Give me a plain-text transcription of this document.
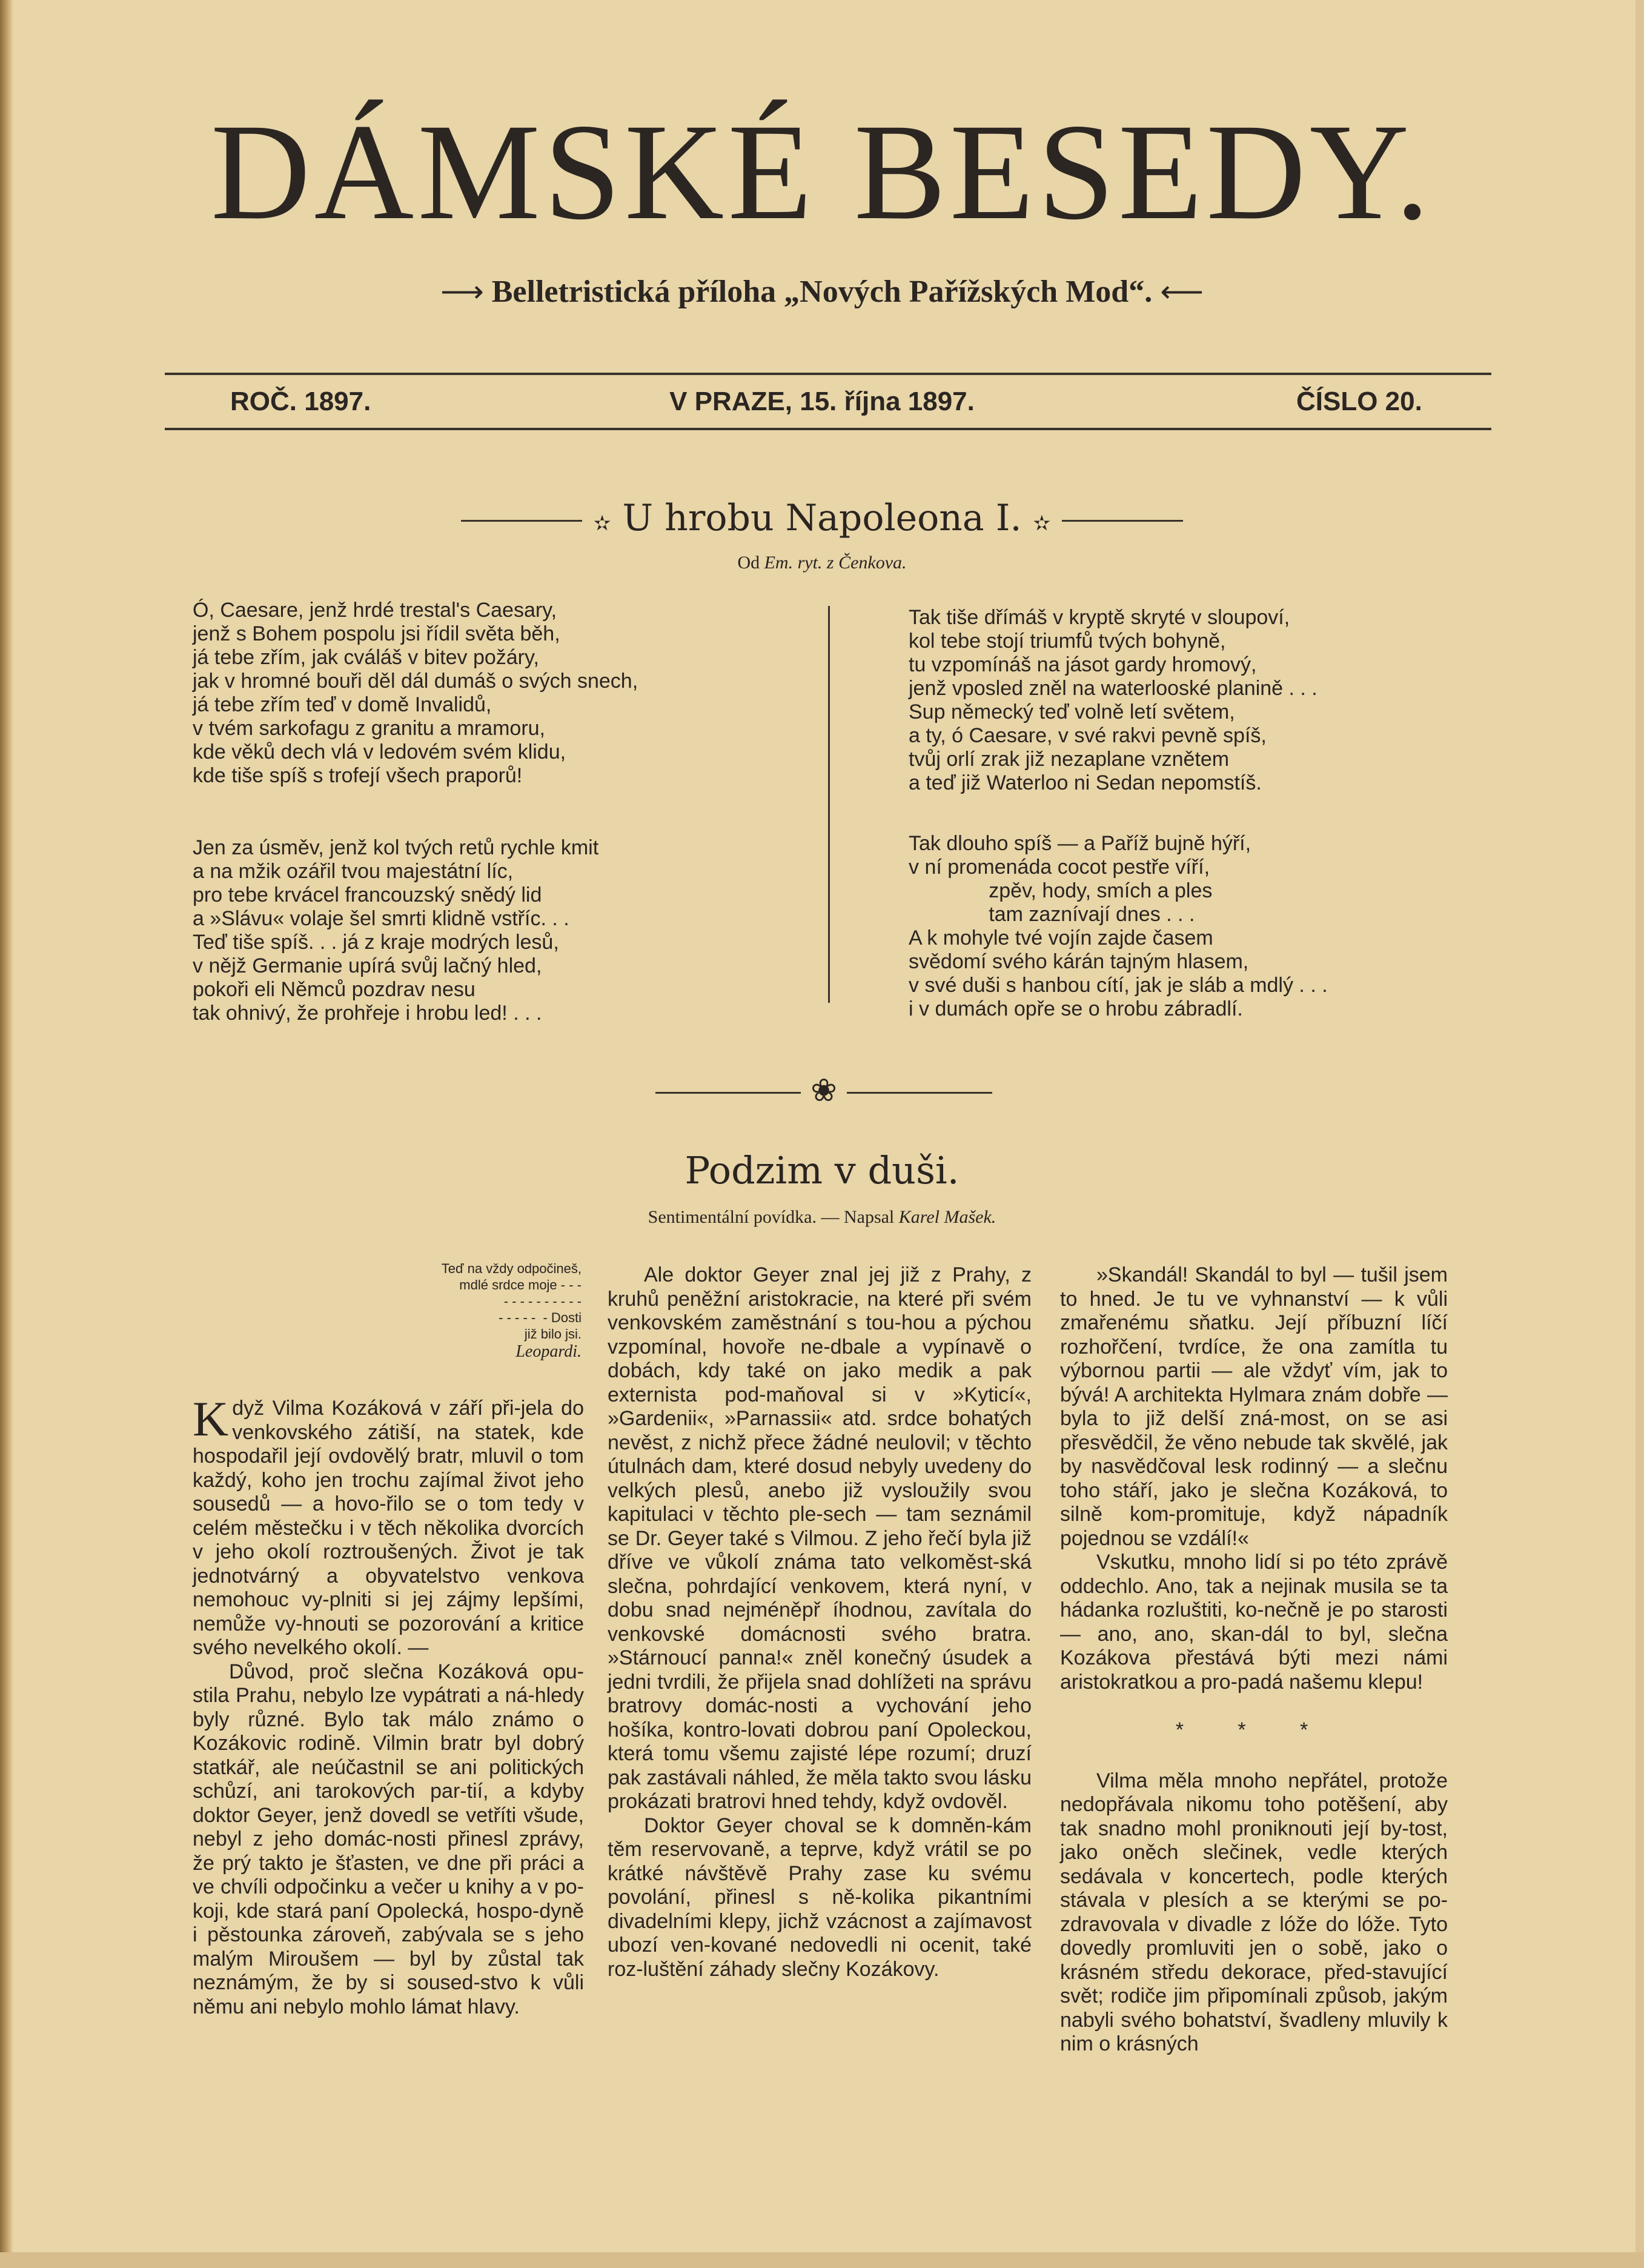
DÁMSKÉ BESEDY.
⟶ Belletristická příloha „Nových Pařížských Mod“. ⟵
ROČ. 1897.	V PRAZE, 15. října 1897.	ČÍSLO 20.
✫ U hrobu Napoleona I. ✫
Od Em. ryt. z Čenkova.
Ó, Caesare, jenž hrdé trestal's Caesary,
jenž s Bohem pospolu jsi řídil světa běh,
já tebe zřím, jak cváláš v bitev požáry,
jak v hromné bouři děl dál dumáš o svých snech,
já tebe zřím teď v domě Invalidů,
v tvém sarkofagu z granitu a mramoru,
kde věků dech vlá v ledovém svém klidu,
kde tiše spíš s trofejí všech praporů!
Jen za úsměv, jenž kol tvých retů rychle kmit
a na mžik ozářil tvou majestátní líc,
pro tebe krvácel francouzský snědý lid
a »Slávu« volaje šel smrti klidně vstříc. . .
Teď tiše spíš. . . já z kraje modrých lesů,
v nějž Germanie upírá svůj lačný hled,
pokoři eli Němců pozdrav nesu
tak ohnivý, že prohřeje i hrobu led! . . .
Tak tiše dřímáš v kryptě skryté v sloupoví,
kol tebe stojí triumfů tvých bohyně,
tu vzpomínáš na jásot gardy hromový,
jenž vposled zněl na waterlooské planině . . .
Sup německý teď volně letí světem,
a ty, ó Caesare, v své rakvi pevně spíš,
tvůj orlí zrak již nezaplane vznětem
a teď již Waterloo ni Sedan nepomstíš.
Tak dlouho spíš — a Paříž bujně hýří,
v ní promenáda cocot pestře víří,
zpěv, hody, smích a ples
tam zaznívají dnes . . .
A k mohyle tvé vojín zajde časem
svědomí svého kárán tajným hlasem,
v své duši s hanbou cítí, jak je sláb a mdlý . . .
i v dumách opře se o hrobu zábradlí.
❀
Podzim v duši.
Sentimentální povídka. — Napsal Karel Mašek.
Teď na vždy odpočineš,
mdlé srdce moje - - -
- - - - - - - - - -
- - - - -  - Dosti
již bilo jsi.
Leopardi.

Když Vilma Kozáková v září při-jela do venkovského zátiší, na statek, kde hospodařil její ovdovělý bratr, mluvil o tom každý, koho jen trochu zajímal život jeho sousedů — a hovo-řilo se o tom tedy v celém městečku i v těch několika dvorcích v jeho okolí roztroušených. Život je tak jednotvárný a obyvatelstvo venkova nemohouc vy-plniti si jej zájmy lepšími, nemůže vy-hnouti se pozorování a kritice svého nevelkého okolí. —

Důvod, proč slečna Kozáková opu-stila Prahu, nebylo lze vypátrati a ná-hledy byly různé. Bylo tak málo známo o Kozákovic rodině. Vilmin bratr byl dobrý statkář, ale neúčastnil se ani politických schůzí, ani tarokových par-tií, a kdyby doktor Geyer, jenž dovedl se vetříti všude, nebyl z jeho domác-nosti přinesl zprávy, že prý takto je šťasten, ve dne při práci a ve chvíli odpočinku a večer u knihy a v po-koji, kde stará paní Opolecká, hospo-dyně i pěstounka zároveň, zabývala se s jeho malým Miroušem — byl by zůstal tak neznámým, že by si soused-stvo k vůli němu ani nebylo mohlo lámat hlavy.

Ale doktor Geyer znal jej již z Prahy, z kruhů peněžní aristokracie, na které při svém venkovském zaměstnání s tou-hou a pýchou vzpomínal, hovoře ne-dbale a vypínavě o dobách, kdy také on jako medik a pak externista pod-maňoval si v »Kyticí«, »Gardenii«, »Parnassii« atd. srdce bohatých nevěst, z nichž přece žádné neulovil; v těchto útulnách dam, které dosud nebyly uvedeny do velkých plesů, anebo již vysloužily svou kapitulaci v těchto ple-sech — tam seznámil se Dr. Geyer také s Vilmou. Z jeho řečí byla již dříve ve vůkolí známa tato velkoměst-ská slečna, pohrdající venkovem, která nyní, v dobu snad nejméněpř íhodnou, zavítala do venkovské domácnosti svého bratra. »Stárnoucí panna!« zněl konečný úsudek a jedni tvrdili, že přijela snad dohlížeti na správu bratrovy domác-nosti a vychování jeho hošíka, kontro-lovati dobrou paní Opoleckou, která tomu všemu zajisté lépe rozumí; druzí pak zastávali náhled, že měla takto svou lásku prokázati bratrovi hned tehdy, když ovdověl.

Doktor Geyer choval se k domněn-kám těm reservovaně, a teprve, když vrátil se po krátké návštěvě Prahy zase ku svému povolání, přinesl s ně-kolika pikantními divadelními klepy, jichž vzácnost a zajímavost ubozí ven-kované nedovedli ni ocenit, také roz-luštění záhady slečny Kozákovy.

»Skandál! Skandál to byl — tušil jsem to hned. Je tu ve vyhnanství — k vůli zmařenému sňatku. Její příbuzní líčí rozhořčení, tvrdíce, že ona zamítla tu výbornou partii — ale vždyť vím, jak to bývá! A architekta Hylmara znám dobře — byla to již delší zná-most, on se asi přesvědčil, že věno nebude tak skvělé, jak by nasvědčoval lesk rodinný — a slečnu toho stáří, jako je slečna Kozáková, to silně kom-promituje, když nápadník pojednou se vzdálí!«

Vskutku, mnoho lidí si po této zprávě oddechlo. Ano, tak a nejinak musila se ta hádanka rozluštiti, ko-nečně je po starosti — ano, ano, skan-dál to byl, slečna Kozákova přestává býti mezi námi aristokratkou a pro-padá našemu klepu!

* * *

Vilma měla mnoho nepřátel, protože nedopřávala nikomu toho potěšení, aby tak snadno mohl proniknouti její by-tost, jako oněch slečinek, vedle kterých sedávala v koncertech, podle kterých stávala v plesích a se kterými se po-zdravovala v divadle z lóže do lóže. Tyto dovedly promluviti jen o sobě, jako o krásném středu dekorace, před-stavující svět; rodiče jim připomínali způsob, jakým nabyli svého bohatství, švadleny mluvily k nim o krásných
